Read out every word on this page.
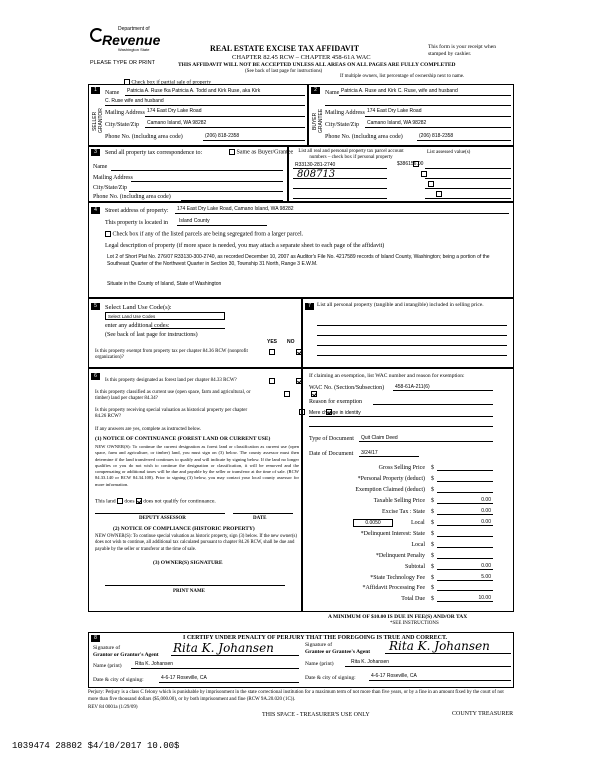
Department of
Revenue
Washington State
PLEASE TYPE OR PRINT
REAL ESTATE EXCISE TAX AFFIDAVIT
CHAPTER 82.45 RCW – CHAPTER 458-61A WAC
THIS AFFIDAVIT WILL NOT BE ACCEPTED UNLESS ALL AREAS ON ALL PAGES ARE FULLY COMPLETED
(See back of last page for instructions)
This form is your receipt when stamped by cashier.
Check box if partial sale of property
If multiple owners, list percentage of ownership next to name.
1
SELLER GRANTOR
Name Patricia A. Ruse fka Patricia A. Todd and Kirk Ruse, aka Kirk
C. Ruse wife and husband
Mailing Address 174 East Dry Lake Road
City/State/Zip Camano Island, WA 98282
Phone No. (including area code)	(206) 818-2358
2
BUYER GRANTEE
Name Patricia A. Ruse and Kirk C. Ruse, wife and husband
Mailing Address 174 East Dry Lake Road
City/State/Zip Camano Island, WA 98282
Phone No. (including area code)	(206) 818-2358
3	Send all property tax correspondence to:	Same as Buyer/Grantee
Name
Mailing Address
City/State/Zip
Phone No. (including area code)
List all real and personal property tax parcel account numbers – check box if personal property
List assessed value(s)
R33130-281-2740
808713
$386156.00

4	Street address of property: 174 East Dry Lake Road, Camano Island, WA 98282
This property is located in Island County
Check box if any of the listed parcels are being segregated from a larger parcel.
Legal description of property (if more space is needed, you may attach a separate sheet to each page of the affidavit)
Lot 2 of Short Plat No. 276/07 R33130-300-2740, as recorded December 10, 2007 as Auditor's File No. 4217589 records of Island County, Washington; being a portion of the Southeast Quarter of the Northwest Quarter in Section 30, Township 31 North, Range 3 E.W.M.
Situate in the County of Island, State of Washington
5	Select Land Use Code(s):
Select Land Use Codes
enter any additional codes:
(See back of last page for instructions)
YES NO
Is this property exempt from property tax per chapter 84.36 RCW (nonprofit organization)?

6
Is this property designated as forest land per chapter 84.33 RCW?

Is this property classified as current use (open space, farm and agricultural, or timber) land per chapter 84.34?

Is this property receiving special valuation as historical property per chapter 84.26 RCW?

If any answers are yes, complete as instructed below.
(1) NOTICE OF CONTINUANCE (FOREST LAND OR CURRENT USE)
NEW OWNER(S): To continue the current designation as forest land or classification as current use (open space, farm and agriculture, or timber) land, you must sign on (3) below. The county assessor must then determine if the land transferred continues to qualify and will indicate by signing below. If the land no longer qualifies or you do not wish to continue the designation or classification, it will be removed and the compensating or additional taxes will be due and payable by the seller or transferor at the time of sale. (RCW 84.33.140 or RCW 84.34.108). Prior to signing (3) below, you may contact your local county assessor for more information.
This land does does not qualify for continuance.
DEPUTY ASSESSOR	DATE
(2) NOTICE OF COMPLIANCE (HISTORIC PROPERTY)
NEW OWNER(S): To continue special valuation as historic property, sign (3) below. If the new owner(s) does not wish to continue, all additional tax calculated pursuant to chapter 84.26 RCW, shall be due and payable by the seller or transferor at the time of sale.
(3) OWNER(S) SIGNATURE
PRINT NAME
7	List all personal property (tangible and intangible) included in selling price.
If claiming an exemption, list WAC number and reason for exemption:
WAC No. (Section/Subsection) 458-61A-211(6)
Reason for exemption
Mere change in identity
Type of Document Quit Claim Deed
Date of Document 3/24/17
Gross Selling Price $
*Personal Property (deduct) $
Exemption Claimed (deduct) $
Taxable Selling Price $	0.00
Excise Tax : State $	0.00
0.0050	Local $	0.00
*Delinquent Interest: State $
Local $
*Delinquent Penalty $
Subtotal $	0.00
*State Technology Fee $	5.00
*Affidavit Processing Fee $
Total Due $	10.00
A MINIMUM OF $10.00 IS DUE IN FEE(S) AND/OR TAX
*SEE INSTRUCTIONS
8	I CERTIFY UNDER PENALTY OF PERJURY THAT THE FOREGOING IS TRUE AND CORRECT.
Signature of
Grantor or Grantor's Agent Rita K. Johansen	Signature of
Grantee or Grantee's Agent Rita K. Johansen
Name (print)	Rita K. Johansen	Name (print)	Rita K. Johansen
Date & city of signing:	4-6-17 Roseville, CA	Date & city of signing:	4-6-17 Roseville, CA
Perjury: Perjury is a class C felony which is punishable by imprisonment in the state correctional institution for a maximum term of not more than five years, or by a fine in an amount fixed by the court of not more than five thousand dollars ($5,000.00), or by both imprisonment and fine (RCW 9A.20.020 (1C)).
REV 84 0001a (1/29/09)
THIS SPACE - TREASURER'S USE ONLY	COUNTY TREASURER
1039474 28802 $4/10/2017 10.00$
